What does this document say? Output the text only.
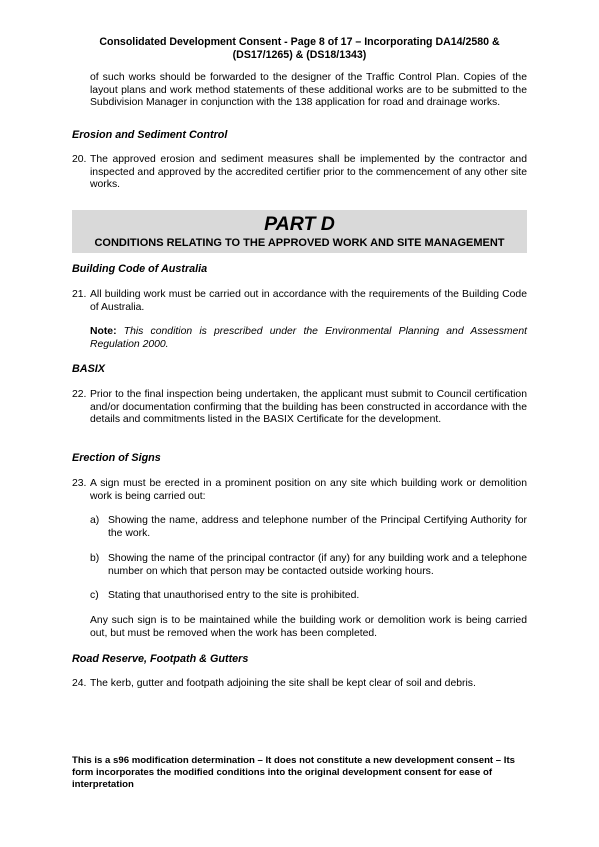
Consolidated Development Consent - Page 8 of 17 – Incorporating DA14/2580 &
(DS17/1265) & (DS18/1343)
of such works should be forwarded to the designer of the Traffic Control Plan. Copies of the layout plans and work method statements of these additional works are to be submitted to the Subdivision Manager in conjunction with the 138 application for road and drainage works.
Erosion and Sediment Control
20. The approved erosion and sediment measures shall be implemented by the contractor and inspected and approved by the accredited certifier prior to the commencement of any other site works.
PART D
CONDITIONS RELATING TO THE APPROVED WORK AND SITE MANAGEMENT
Building Code of Australia
21. All building work must be carried out in accordance with the requirements of the Building Code of Australia.
Note: This condition is prescribed under the Environmental Planning and Assessment Regulation 2000.
BASIX
22. Prior to the final inspection being undertaken, the applicant must submit to Council certification and/or documentation confirming that the building has been constructed in accordance with the details and commitments listed in the BASIX Certificate for the development.
Erection of Signs
23. A sign must be erected in a prominent position on any site which building work or demolition work is being carried out:
a) Showing the name, address and telephone number of the Principal Certifying Authority for the work.
b) Showing the name of the principal contractor (if any) for any building work and a telephone number on which that person may be contacted outside working hours.
c) Stating that unauthorised entry to the site is prohibited.
Any such sign is to be maintained while the building work or demolition work is being carried out, but must be removed when the work has been completed.
Road Reserve, Footpath & Gutters
24. The kerb, gutter and footpath adjoining the site shall be kept clear of soil and debris.
This is a s96 modification determination – It does not constitute a new development consent – Its form incorporates the modified conditions into the original development consent for ease of interpretation
